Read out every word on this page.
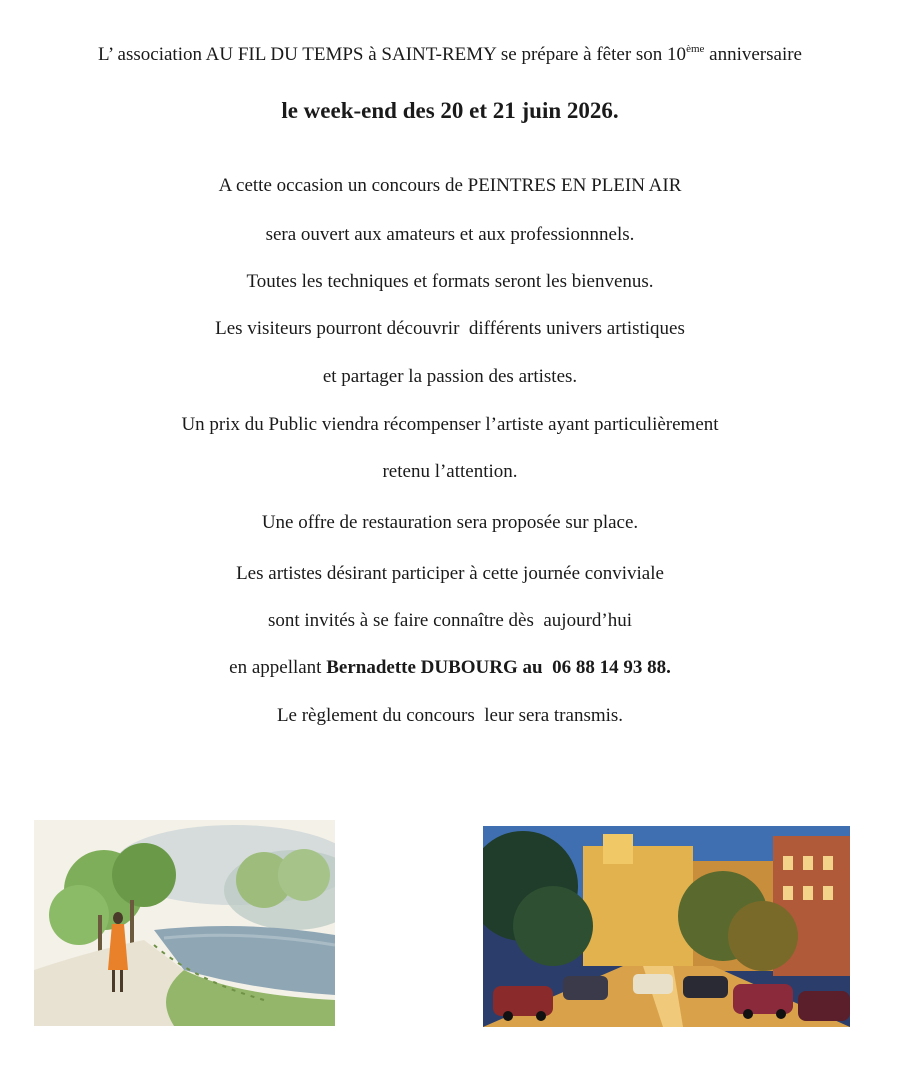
L’ association AU FIL DU TEMPS à SAINT-REMY se prépare à fêter son 10ème anniversaire
le week-end des 20 et 21 juin 2026.
A cette occasion un concours de PEINTRES EN PLEIN AIR
sera ouvert aux amateurs et aux professionnnels.
Toutes les techniques et formats seront les bienvenus.
Les visiteurs pourront découvrir  différents univers artistiques
et partager la passion des artistes.
Un prix du Public viendra récompenser l’artiste ayant particulièrement
retenu l’attention.
Une offre de restauration sera proposée sur place.
Les artistes désirant participer à cette journée conviviale
sont invités à se faire connaître dès  aujourd’hui
en appellant Bernadette DUBOURG au  06 88 14 93 88.
Le règlement du concours  leur sera transmis.
